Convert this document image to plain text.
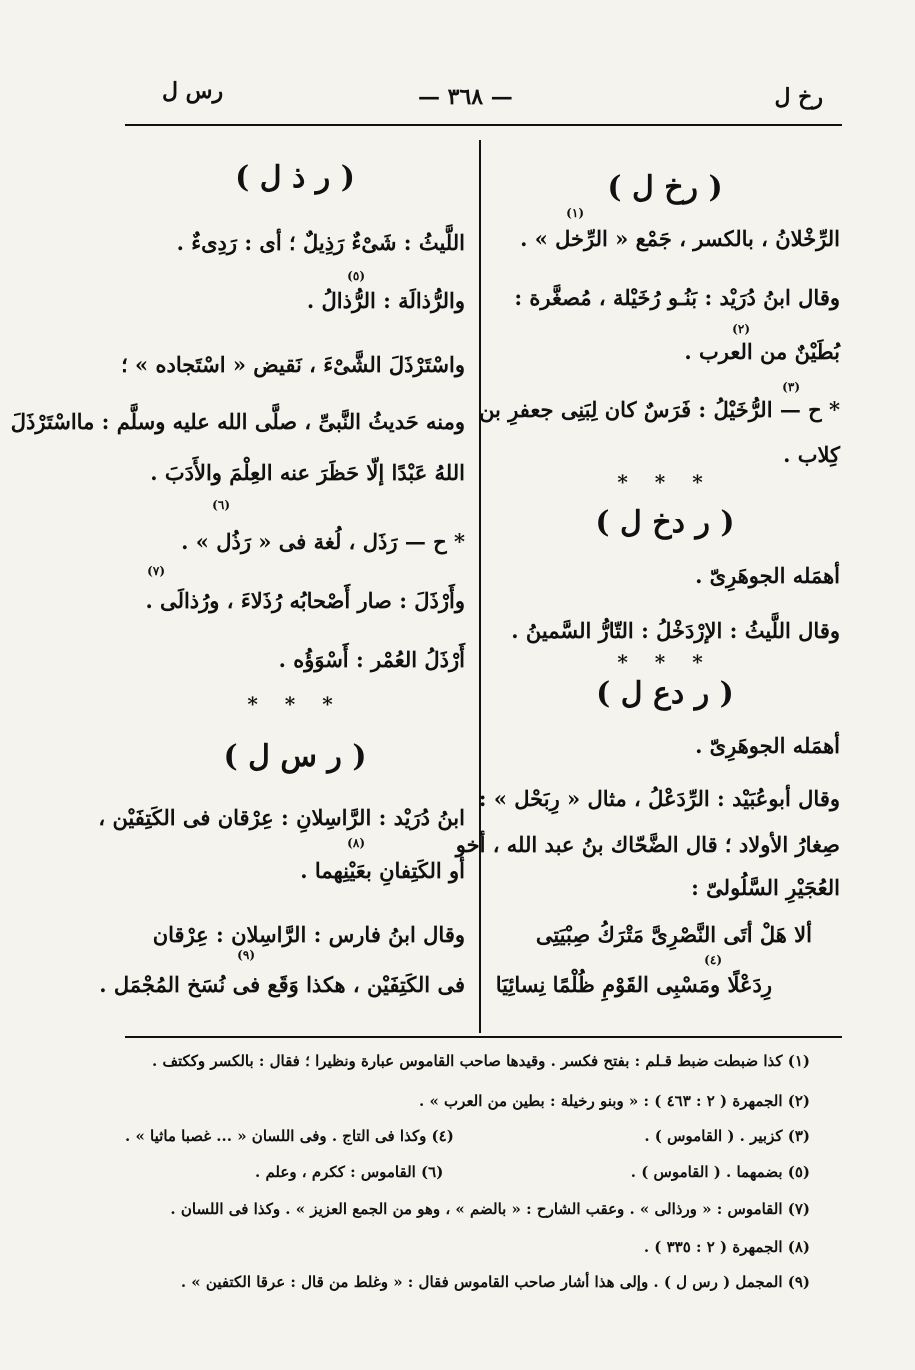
رخ ل
— ٣٦٨ —
رس ل
( رخ ل )
الرِّخْلانُ ، بالكسر ، جَمْع « الرِّخل » .
(١)
وقال ابنُ دُرَيْد : بَنُـو رُخَيْلة ، مُصغَّرة :
بُطَيْنٌ من العرب .
(٢)
* ح — الرُّخَيْلُ : فَرَسٌ كان لِبَنِى جعفرِ بن
(٣)
كِلاب .
* * *
( ر دخ ل )
أهمَله الجوهَرِىّ .
وقال اللَّيثُ : الإرْدَخْلُ : التّارُّ السَّمينُ .
* * *
( ر دع ل )
أهمَله الجوهَرِىّ .
وقال أبوعُبَيْد : الرِّدَعْلُ ، مثال « رِبَحْل » :
صِغارُ الأولاد ؛ قال الضَّحّاك بنُ عبد الله ، أخو
العُجَيْرِ السَّلُولىّ :
ألا هَلْ أتَى النَّصْرِىَّ مَتْرَكُ صِبْيَتِى
رِدَعْلًا ومَسْبِى القَوْمِ ظُلْمًا نِسائِيَا
(٤)
( ر ذ ل )
اللَّيثُ : شَىْءٌ رَذِيلٌ ؛ أى : رَدِىءٌ .
والرُّذالَة : الرُّذالُ .
(٥)
واسْتَرْذَلَ الشَّىْءَ ، نَقيض « اسْتَجاده » ؛
ومنه حَديثُ النَّبىِّ ، صلَّى الله عليه وسلَّم : مااسْتَرْذَلَ
اللهُ عَبْدًا إلّا حَظَرَ عنه العِلْمَ والأَدَبَ .
* ح — رَذَل ، لُغة فى « رَذُل » .
(٦)
وأَرْذَلَ : صار أَصْحابُه رُذَلاءَ ، ورُذالَى .
(٧)
أَرْذَلُ العُمْر : أَسْوَؤُه .
* * *
( ر س ل )
ابنُ دُرَيْد : الرَّاسِلانِ : عِرْقان فى الكَتِفَيْن ،
أو الكَتِفانِ بعَيْنِهما .
(٨)
وقال ابنُ فارس : الرَّاسِلان : عِرْقان
فى الكَتِفَيْن ، هكذا وَقَع فى نُسَخ المُجْمَل .
(٩)
(١) كذا ضبطت ضبط قـلم : بفتح فكسر . وقيدها صاحب القاموس عبارة ونظيرا ؛ فقال : بالكسر وككتف .
(٢) الجمهرة ( ٢ : ٤٦٣ ) : « وبنو رخيلة : بطين من العرب » .
(٣) كزبير . ( القاموس ) .
(٤) وكذا فى التاج . وفى اللسان « ... غصبا ماثيا » .
(٥) بضمهما . ( القاموس ) .
(٦) القاموس : ككرم ، وعلم .
(٧) القاموس : « ورذالى » . وعقب الشارح : « بالضم » ، وهو من الجمع العزيز » . وكذا فى اللسان .
(٨) الجمهرة ( ٢ : ٣٣٥ ) .
(٩) المجمل ( رس ل ) . وإلى هذا أشار صاحب القاموس فقال : « وغلط من قال : عرقا الكتفين » .
